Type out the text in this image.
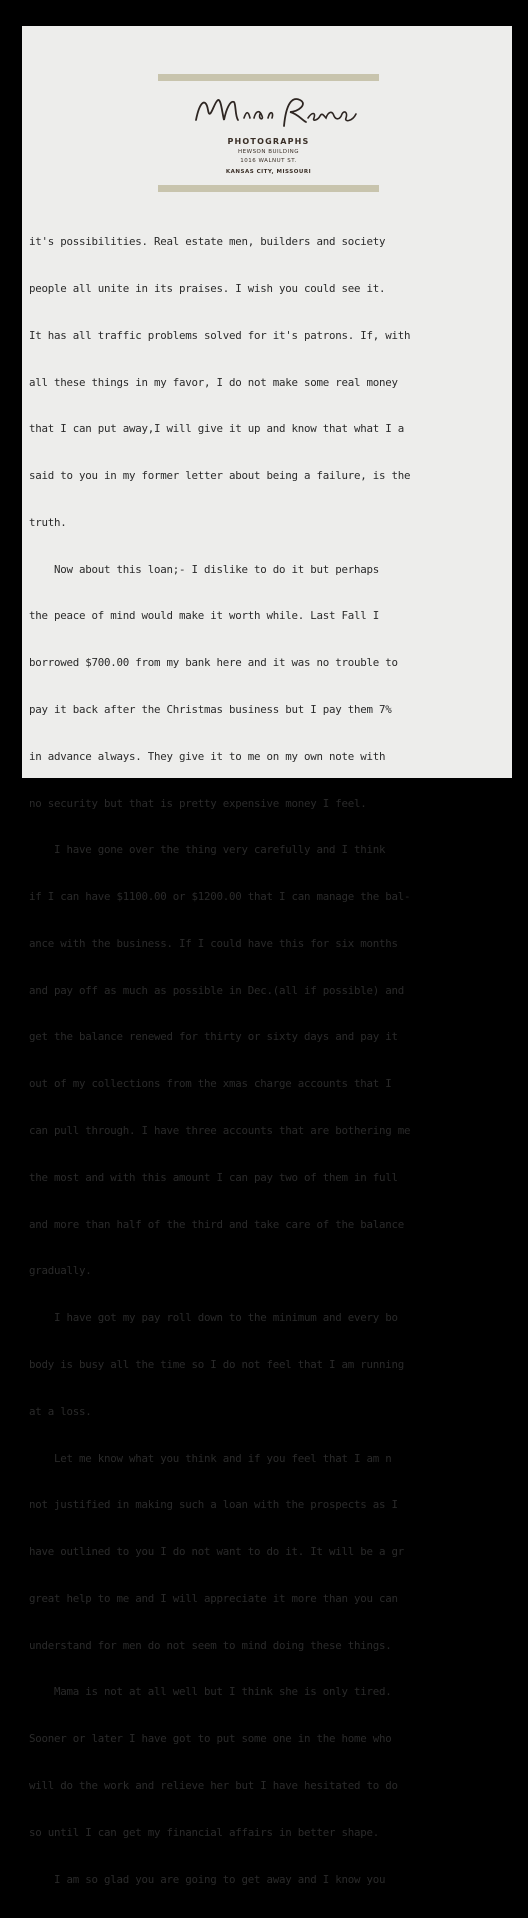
PHOTOGRAPHS
HEWSON BUILDING
1016 WALNUT ST.
KANSAS CITY, MISSOURI

it's possibilities. Real estate men, builders and society

people all unite in its praises. I wish you could see it.

It has all traffic problems solved for it's patrons. If, with

all these things in my favor, I do not make some real money

that I can put away,I will give it up and know that what I a

said to you in my former letter about being a failure, is the

truth.

Now about this loan;- I dislike to do it but perhaps

the peace of mind would make it worth while. Last Fall I

borrowed $700.00 from my bank here and it was no trouble to

pay it back after the Christmas business but I pay them 7%

in advance always. They give it to me on my own note with

no security but that is pretty expensive money I feel.

I have gone over the thing very carefully and I think

if I can have $1100.00 or $1200.00 that I can manage the bal-

ance with the business. If I could have this for six months

and pay off as much as possible in Dec.(all if possible) and

get the balance renewed for thirty or sixty days and pay it

out of my collections from the xmas charge accounts that I

can pull through. I have three accounts that are bothering me

the most and with this amount I can pay two of them in full

and more than half of the third and take care of the balance

gradually.

I have got my pay roll down to the minimum and every bo

body is busy all the time so I do not feel that I am running

at a loss.

Let me know what you think and if you feel that I am n

not justified in making such a loan with the prospects as I

have outlined to you I do not want to do it. It will be a gr

great help to me and I will appreciate it more than you can

understand for men do not seem to mind doing these things.

Mama is not at all well but I think she is only tired.

Sooner or later I have got to put some one in the home who

will do the work and relieve her but I have hesitated to do

so until I can get my financial affairs in better shape.

I am so glad you are going to get away and I know you
